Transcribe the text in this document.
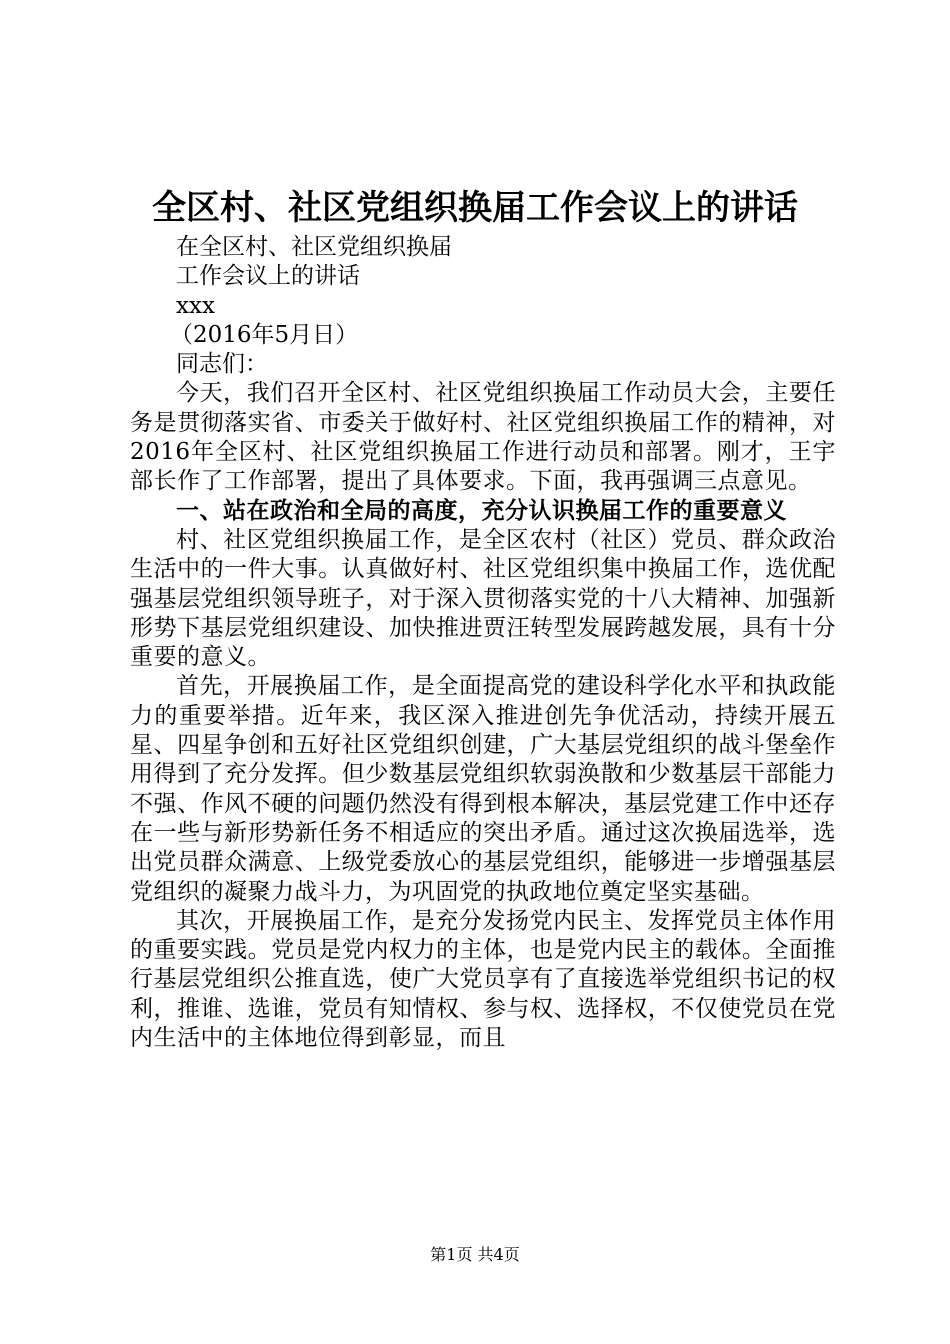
全区村、社区党组织换届工作会议上的讲话

在全区村、社区党组织换届

工作会议上的讲话

xxx

（2016年5月日）

同志们：

今天，我们召开全区村、社区党组织换届工作动员大会，主要任务是贯彻落实省、市委关于做好村、社区党组织换届工作的精神，对2016年全区村、社区党组织换届工作进行动员和部署。刚才，王宇部长作了工作部署，提出了具体要求。下面，我再强调三点意见。

一、站在政治和全局的高度，充分认识换届工作的重要意义

村、社区党组织换届工作，是全区农村（社区）党员、群众政治生活中的一件大事。认真做好村、社区党组织集中换届工作，选优配强基层党组织领导班子，对于深入贯彻落实党的十八大精神、加强新形势下基层党组织建设、加快推进贾汪转型发展跨越发展，具有十分重要的意义。

首先，开展换届工作，是全面提高党的建设科学化水平和执政能力的重要举措。近年来，我区深入推进创先争优活动，持续开展五星、四星争创和五好社区党组织创建，广大基层党组织的战斗堡垒作用得到了充分发挥。但少数基层党组织软弱涣散和少数基层干部能力不强、作风不硬的问题仍然没有得到根本解决，基层党建工作中还存在一些与新形势新任务不相适应的突出矛盾。通过这次换届选举，选出党员群众满意、上级党委放心的基层党组织，能够进一步增强基层党组织的凝聚力战斗力，为巩固党的执政地位奠定坚实基础。

其次，开展换届工作，是充分发扬党内民主、发挥党员主体作用的重要实践。党员是党内权力的主体，也是党内民主的载体。全面推行基层党组织公推直选，使广大党员享有了直接选举党组织书记的权利，推谁、选谁，党员有知情权、参与权、选择权，不仅使党员在党内生活中的主体地位得到彰显，而且

第1页 共4页
